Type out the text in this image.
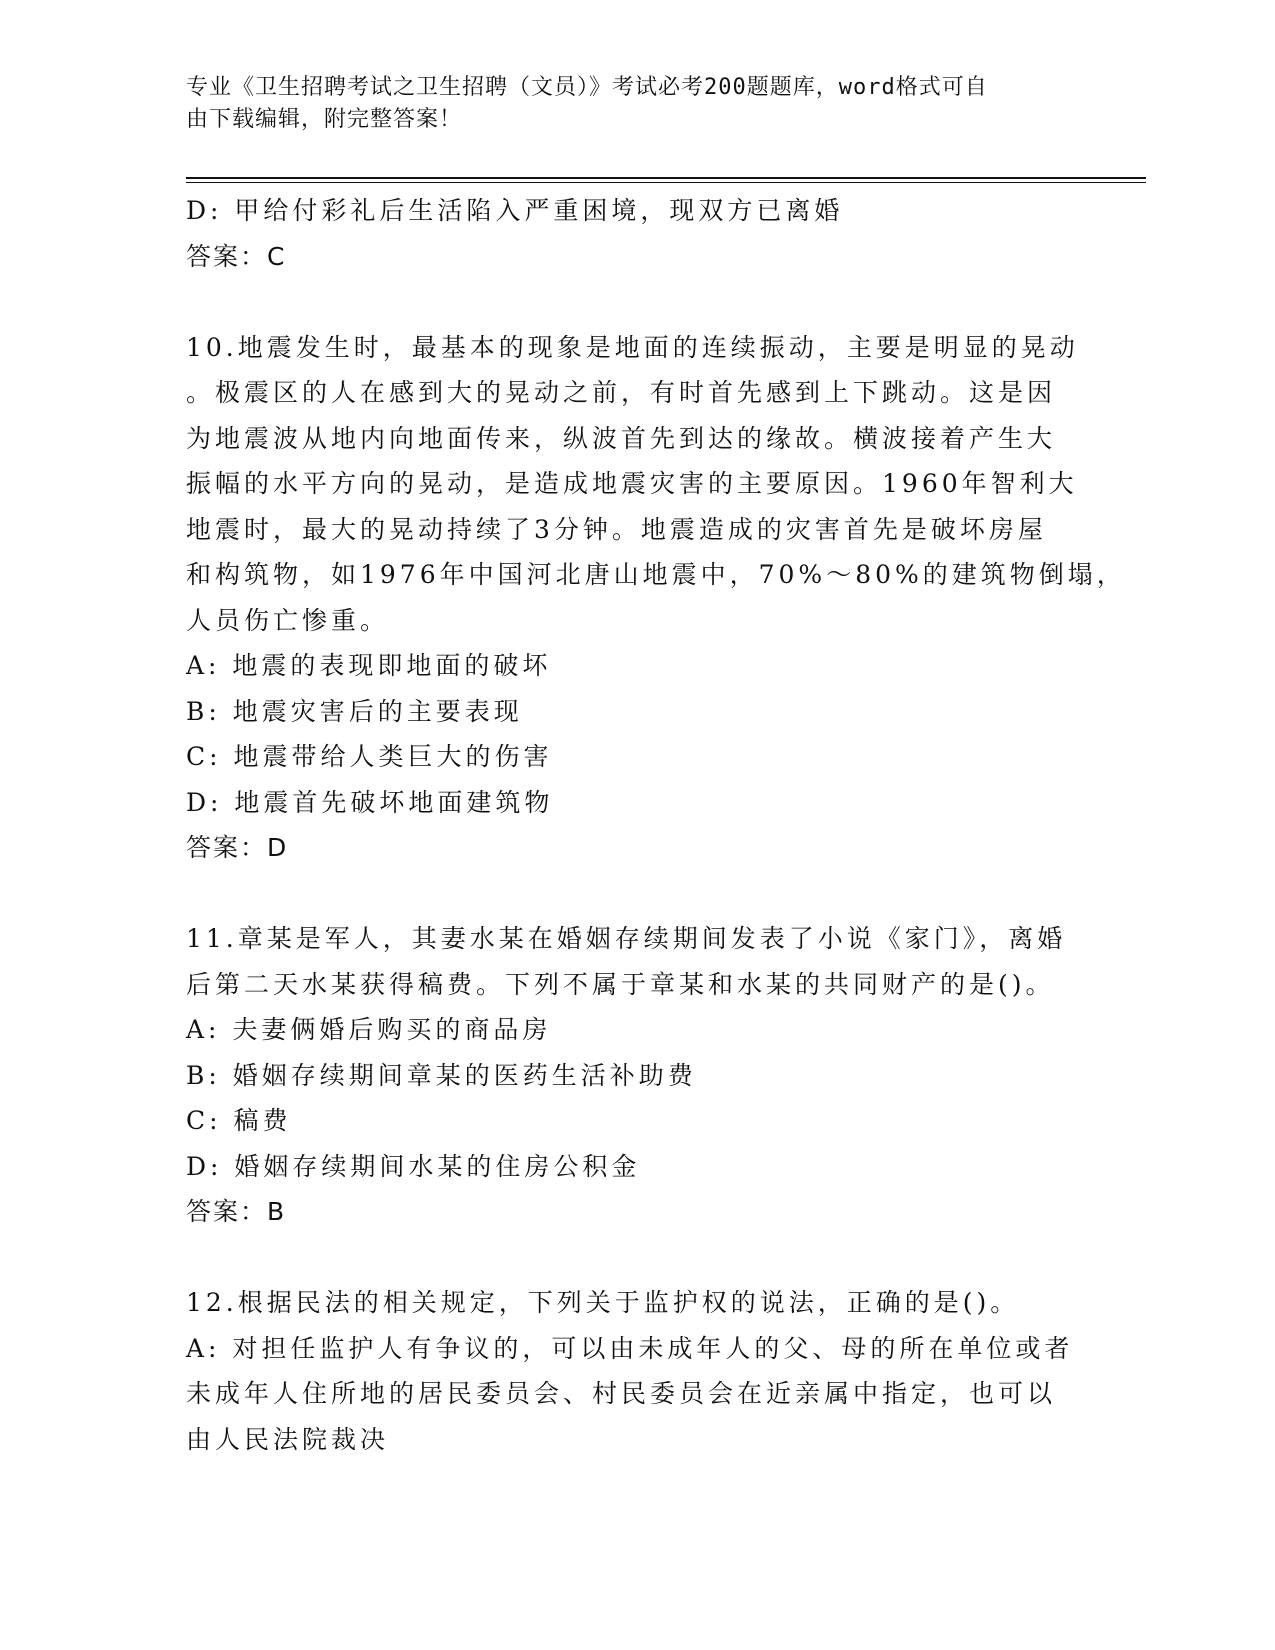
专业《卫生招聘考试之卫生招聘（文员）》考试必考200题题库，word格式可自
由下载编辑，附完整答案！
D: 甲给付彩礼后生活陷入严重困境，现双方已离婚
答案：C
10.地震发生时，最基本的现象是地面的连续振动，主要是明显的晃动
。极震区的人在感到大的晃动之前，有时首先感到上下跳动。这是因
为地震波从地内向地面传来，纵波首先到达的缘故。横波接着产生大
振幅的水平方向的晃动，是造成地震灾害的主要原因。1960年智利大
地震时，最大的晃动持续了3分钟。地震造成的灾害首先是破坏房屋
和构筑物，如1976年中国河北唐山地震中，70%～80%的建筑物倒塌，
人员伤亡惨重。
A: 地震的表现即地面的破坏
B: 地震灾害后的主要表现
C: 地震带给人类巨大的伤害
D: 地震首先破坏地面建筑物
答案：D
11.章某是军人，其妻水某在婚姻存续期间发表了小说《家门》，离婚
后第二天水某获得稿费。下列不属于章某和水某的共同财产的是()。
A: 夫妻俩婚后购买的商品房
B: 婚姻存续期间章某的医药生活补助费
C: 稿费
D: 婚姻存续期间水某的住房公积金
答案：B
12.根据民法的相关规定，下列关于监护权的说法，正确的是()。
A: 对担任监护人有争议的，可以由未成年人的父、母的所在单位或者
未成年人住所地的居民委员会、村民委员会在近亲属中指定，也可以
由人民法院裁决
